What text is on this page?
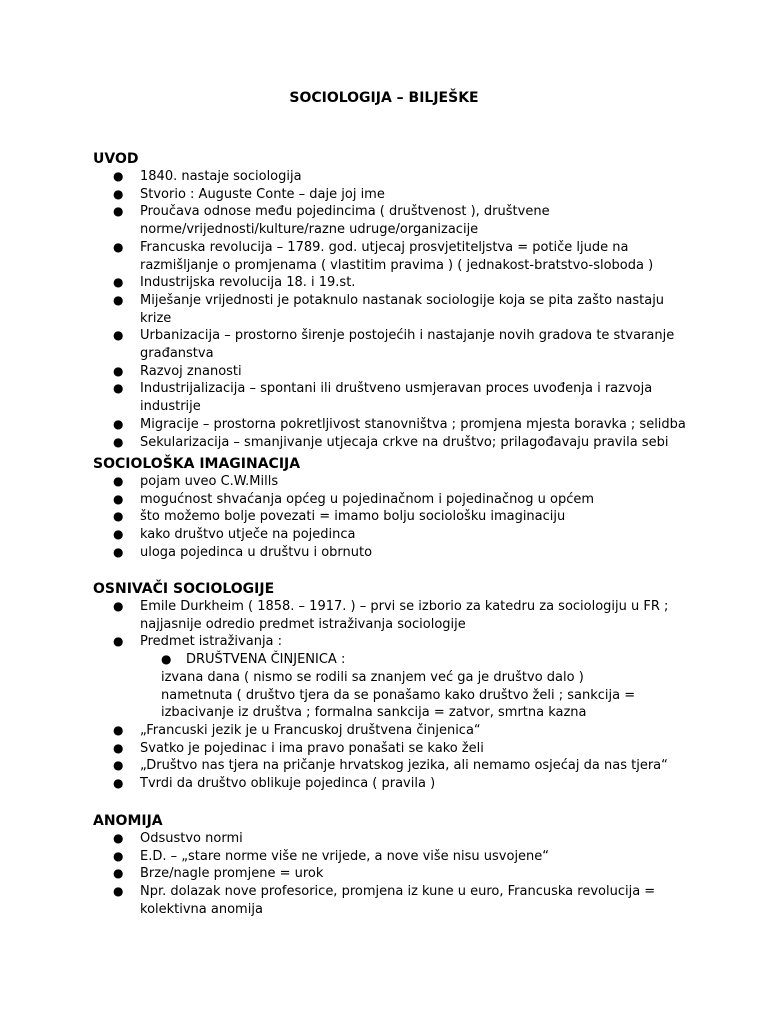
SOCIOLOGIJA – BILJEŠKE
UVOD
● 1840. nastaje sociologija
● Stvorio : Auguste Conte – daje joj ime
● Proučava odnose među pojedincima ( društvenost ), društvene norme/vrijednosti/kulture/razne udruge/organizacije
● Francuska revolucija – 1789. god. utjecaj prosvjetiteljstva = potiče ljude na razmišljanje o promjenama ( vlastitim pravima ) ( jednakost-bratstvo-sloboda )
● Industrijska revolucija 18. i 19.st.
● Miješanje vrijednosti je potaknulo nastanak sociologije koja se pita zašto nastaju krize
● Urbanizacija – prostorno širenje postojećih i nastajanje novih gradova te stvaranje građanstva
● Razvoj znanosti
● Industrijalizacija – spontani ili društveno usmjeravan proces uvođenja i razvoja industrije
● Migracije – prostorna pokretljivost stanovništva ; promjena mjesta boravka ; selidba
● Sekularizacija – smanjivanje utjecaja crkve na društvo; prilagođavaju pravila sebi
SOCIOLOŠKA IMAGINACIJA
● pojam uveo C.W.Mills
● mogućnost shvaćanja općeg u pojedinačnom i pojedinačnog u općem
● što možemo bolje povezati = imamo bolju sociološku imaginaciju
● kako društvo utječe na pojedinca
● uloga pojedinca u društvu i obrnuto
OSNIVAČI SOCIOLOGIJE
● Emile Durkheim ( 1858. – 1917. ) – prvi se izborio za katedru za sociologiju u FR ; najjasnije odredio predmet istraživanja sociologije
● Predmet istraživanja :
● DRUŠTVENA ČINJENICA :
izvana dana ( nismo se rodili sa znanjem već ga je društvo dalo )
nametnuta ( društvo tjera da se ponašamo kako društvo želi ; sankcija = izbacivanje iz društva ; formalna sankcija = zatvor, smrtna kazna
● „Francuski jezik je u Francuskoj društvena činjenica“
● Svatko je pojedinac i ima pravo ponašati se kako želi
● „Društvo nas tjera na pričanje hrvatskog jezika, ali nemamo osjećaj da nas tjera“
● Tvrdi da društvo oblikuje pojedinca ( pravila )
ANOMIJA
● Odsustvo normi
● E.D. – „stare norme više ne vrijede, a nove više nisu usvojene“
● Brze/nagle promjene = urok
● Npr. dolazak nove profesorice, promjena iz kune u euro, Francuska revolucija = kolektivna anomija
